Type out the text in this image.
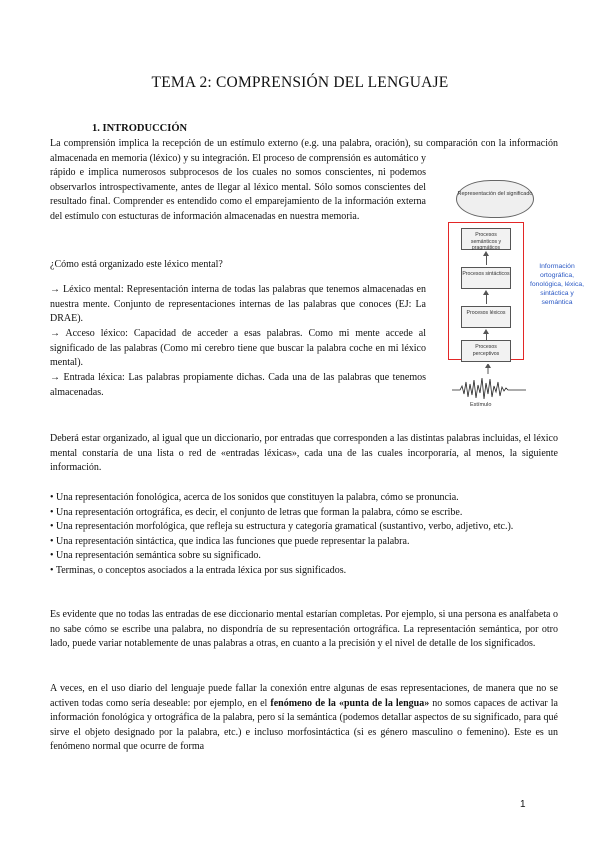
TEMA 2: COMPRENSIÓN DEL LENGUAJE
1. INTRODUCCIÓN

La comprensión implica la recepción de un estímulo externo (e.g. una palabra, oración), su comparación con la información almacenada en memoria (léxico) y su integración. El proceso de comprensión es automático y

rápido e implica numerosos subprocesos de los cuales no somos conscientes, ni podemos observarlos introspectivamente, antes de llegar al léxico mental. Sólo somos conscientes del resultado final. Comprender es entendido como el emparejamiento de la información externa del estímulo con estucturas de información almacenadas en nuestra memoria.

¿Cómo está organizado este léxico mental?

→ Léxico mental: Representación interna de todas las palabras que tenemos almacenadas en nuestra mente. Conjunto de representaciones internas de las palabras que conoces (EJ: La DRAE).

→ Acceso léxico: Capacidad de acceder a esas palabras. Como mi mente accede al significado de las palabras (Como mi cerebro tiene que buscar la palabra coche en mi léxico mental).

→ Entrada léxica: Las palabras propiamente dichas. Cada una de las palabras que tenemos almacenadas.

Deberá estar organizado, al igual que un diccionario, por entradas que corresponden a las distintas palabras incluidas, el léxico mental constaría de una lista o red de «entradas léxicas», cada una de las cuales incorporaría, al menos, la siguiente información.

• Una representación fonológica, acerca de los sonidos que constituyen la palabra, cómo se pronuncia.
• Una representación ortográfica, es decir, el conjunto de letras que forman la palabra, cómo se escribe.
• Una representación morfológica, que refleja su estructura y categoría gramatical (sustantivo, verbo, adjetivo, etc.).
• Una representación sintáctica, que indica las funciones que puede representar la palabra.
• Una representación semántica sobre su significado.
• Terminas, o conceptos asociados a la entrada léxica por sus significados.

Es evidente que no todas las entradas de ese diccionario mental estarían completas. Por ejemplo, si una persona es analfabeta o no sabe cómo se escribe una palabra, no dispondría de su representación ortográfica. La representación semántica, por otro lado, puede variar notablemente de unas palabras a otras, en cuanto a la precisión y el nivel de detalle de los significados.

A veces, en el uso diario del lenguaje puede fallar la conexión entre algunas de esas representaciones, de manera que no se activen todas como sería deseable: por ejemplo, en el fenómeno de la «punta de la lengua» no somos capaces de activar la información fonológica y ortográfica de la palabra, pero sí la semántica (podemos detallar aspectos de su significado, para qué sirve el objeto designado por la palabra, etc.) e incluso morfosintáctica (si es género masculino o femenino). Este es un fenómeno normal que ocurre de forma

Representación del significado
Procesos semánticos y pragmáticos
Procesos sintácticos
Procesos léxicos
Procesos perceptivos
Información ortográfica, fonológica, léxica, sintáctica y semántica
Estímulo
1
